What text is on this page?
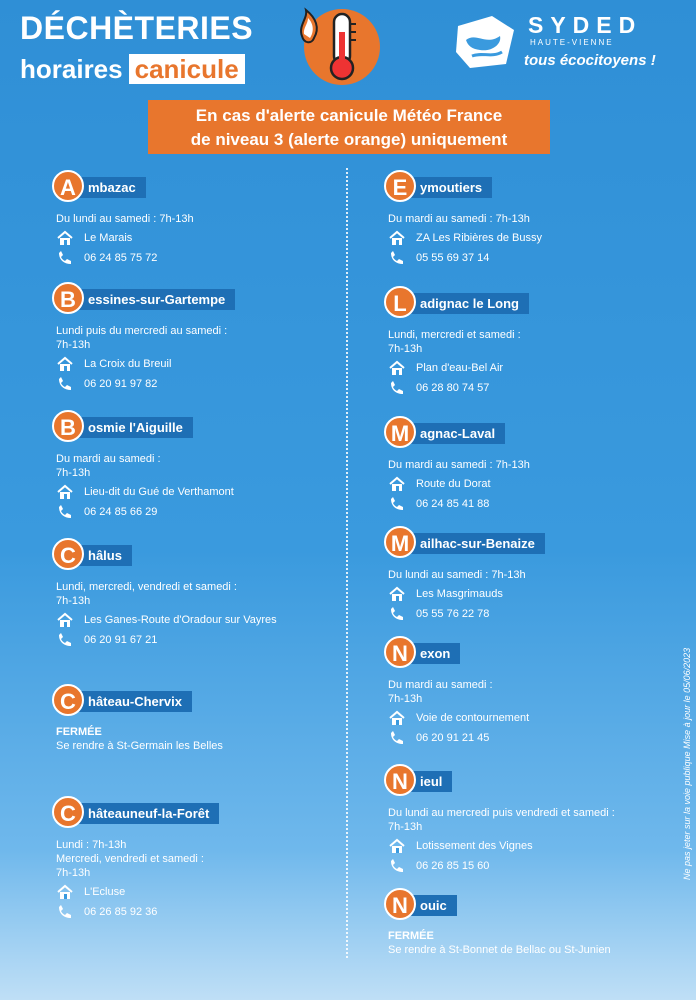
DÉCHÈTERIES
horaires canicule
SYDED
HAUTE-VIENNE
tous écocitoyens !
En cas d'alerte canicule Météo France
de niveau 3 (alerte orange) uniquement
mbazac
A
Du lundi au samedi : 7h-13h
Le Marais
06 24 85 75 72
essines-sur-Gartempe
B
Lundi puis du mercredi au samedi :
7h-13h
La Croix du Breuil
06 20 91 97 82
osmie l'Aiguille
B
Du mardi au samedi :
7h-13h
Lieu-dit du Gué de Verthamont
06 24 85 66 29
hâlus
C
Lundi, mercredi, vendredi et samedi :
7h-13h
Les Ganes-Route d'Oradour sur Vayres
06 20 91 67 21
hâteau-Chervix
C
FERMÉE
Se rendre à St-Germain les Belles
hâteauneuf-la-Forêt
C
Lundi : 7h-13h
Mercredi, vendredi et samedi :
7h-13h
L'Ecluse
06 26 85 92 36
ymoutiers
E
Du mardi au samedi : 7h-13h
ZA Les Ribières de Bussy
05 55 69 37 14
adignac le Long
L
Lundi, mercredi et samedi :
7h-13h
Plan d'eau-Bel Air
06 28 80 74 57
agnac-Laval
M
Du mardi au samedi : 7h-13h
Route du Dorat
06 24 85 41 88
ailhac-sur-Benaize
M
Du lundi au samedi : 7h-13h
Les Masgrimauds
05 55 76 22 78
exon
N
Du mardi au samedi :
7h-13h
Voie de contournement
06 20 91 21 45
ieul
N
Du lundi au mercredi puis vendredi et samedi :
7h-13h
Lotissement des Vignes
06 26 85 15 60
ouic
N
FERMÉE
Se rendre à St-Bonnet de Bellac ou St-Junien
Ne pas jeter sur la voie publique Mise à jour le 05/06/2023
